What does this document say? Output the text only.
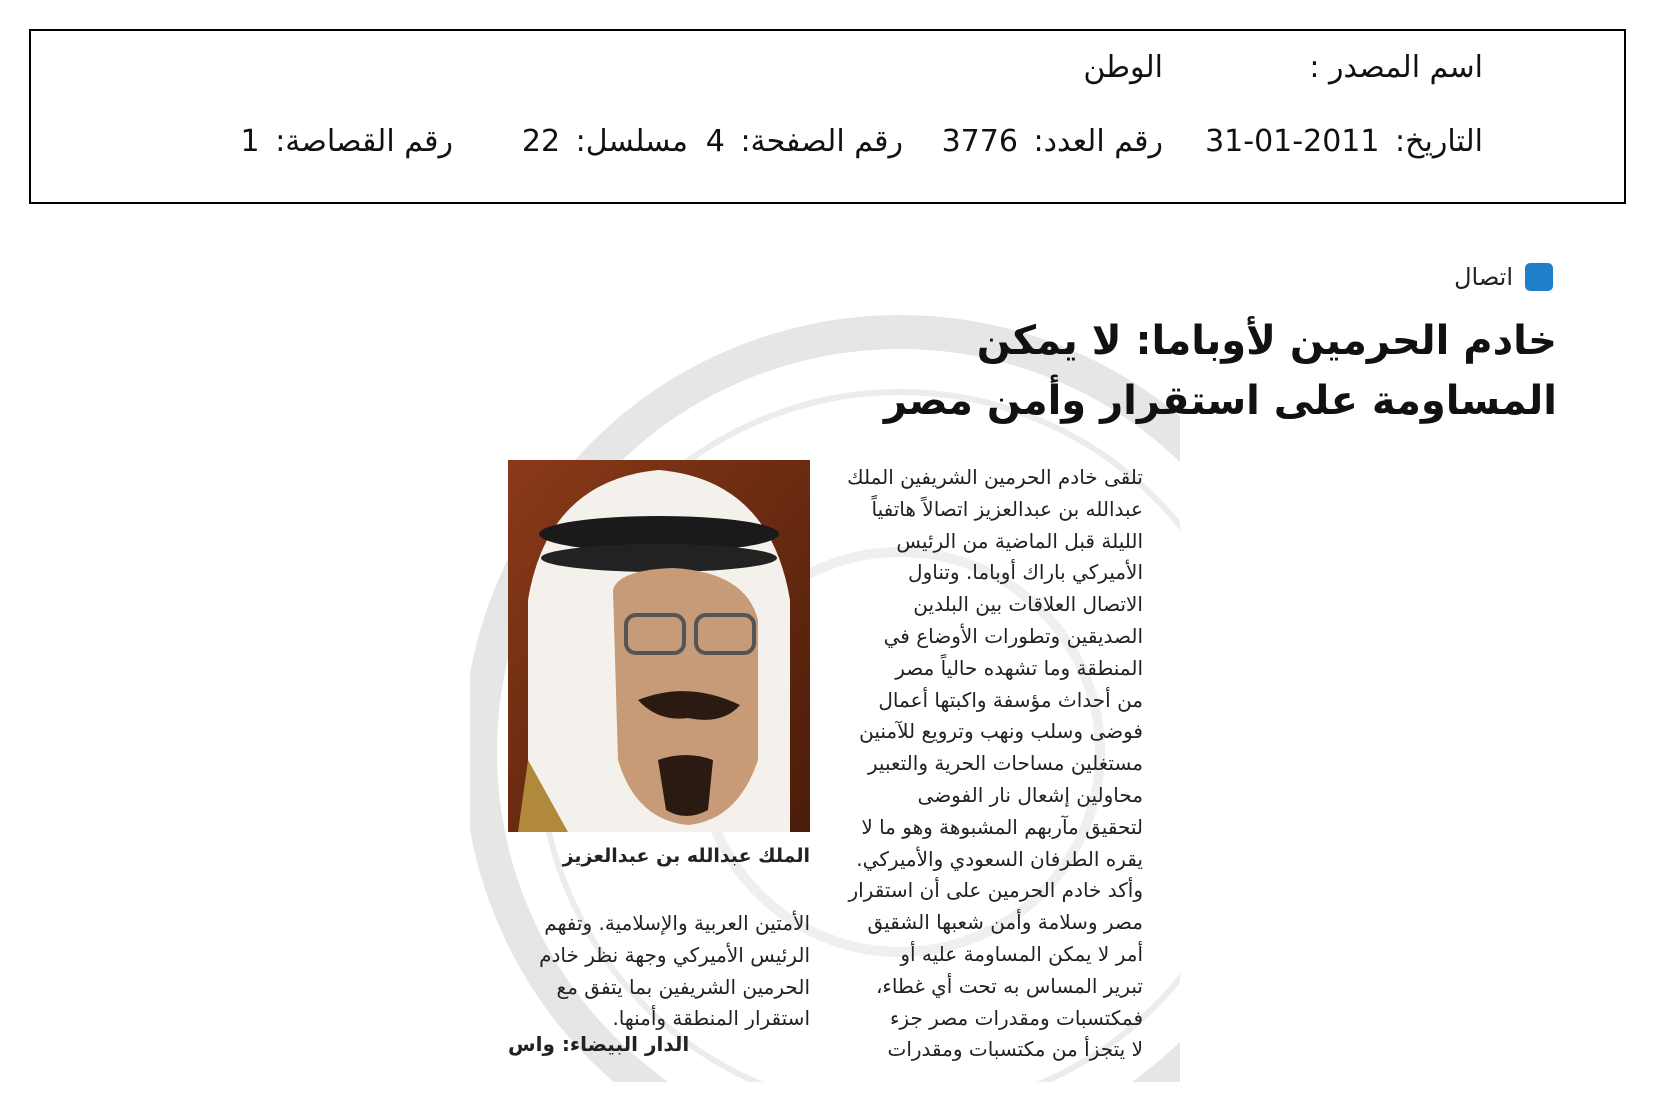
اسم المصدر :
الوطن
التاريخ: 2011-01-31
رقم العدد: 3776
رقم الصفحة: 4
مسلسل: 22
رقم القصاصة: 1
اتصال
خادم الحرمين لأوباما: لا يمكن
المساومة على استقرار وأمن مصر
الملك عبدالله بن عبدالعزيز
تلقى خادم الحرمين الشريفين الملك
عبدالله بن عبدالعزيز اتصالاً هاتفياً
الليلة قبل الماضية من الرئيس
الأميركي باراك أوباما. وتناول
الاتصال العلاقات بين البلدين
الصديقين وتطورات الأوضاع في
المنطقة وما تشهده حالياً مصر
من أحداث مؤسفة واكبتها أعمال
فوضى وسلب ونهب وترويع للآمنين
مستغلين مساحات الحرية والتعبير
محاولين إشعال نار الفوضى
لتحقيق مآربهم المشبوهة وهو ما لا
يقره الطرفان السعودي والأميركي.
وأكد خادم الحرمين على أن استقرار
مصر وسلامة وأمن شعبها الشقيق
أمر لا يمكن المساومة عليه أو
تبرير المساس به تحت أي غطاء،
فمكتسبات ومقدرات مصر جزء
لا يتجزأ من مكتسبات ومقدرات
الأمتين العربية والإسلامية. وتفهم
الرئيس الأميركي وجهة نظر خادم
الحرمين الشريفين بما يتفق مع
استقرار المنطقة وأمنها.
الدار البيضاء: واس
